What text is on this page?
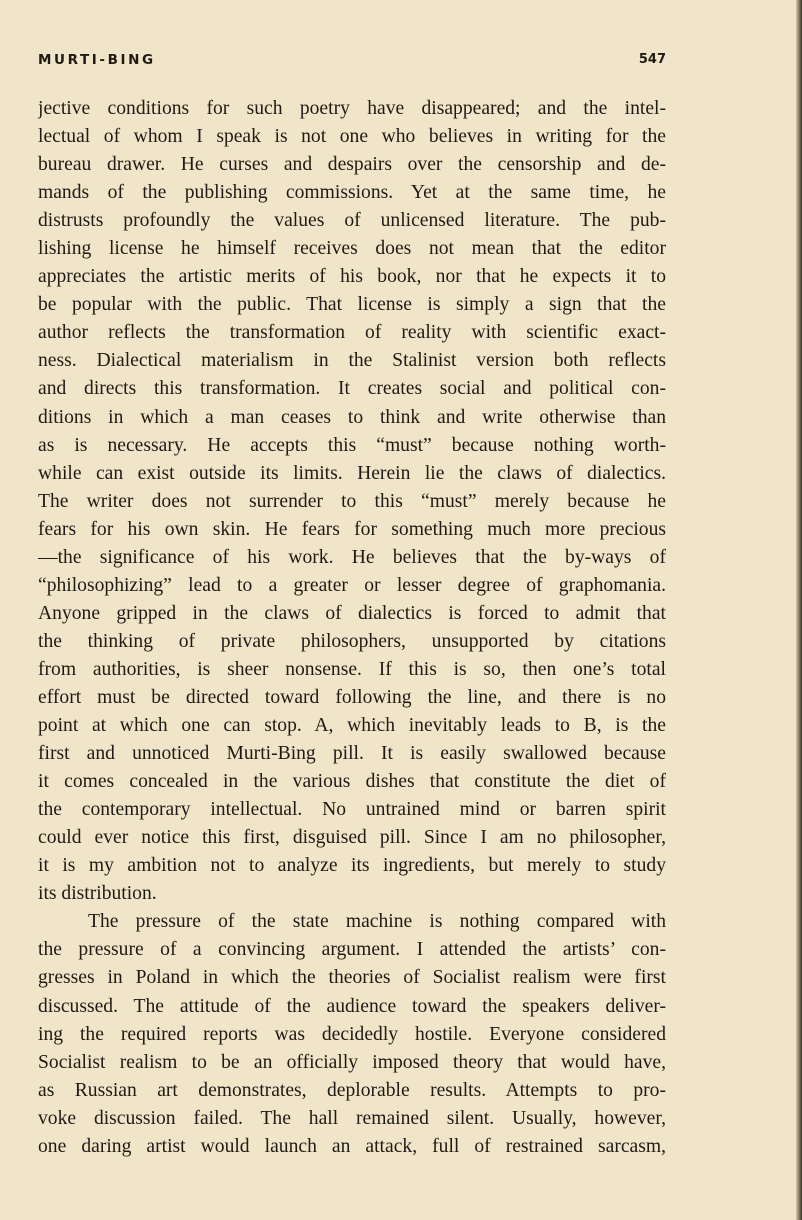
MURTI-BING	547
jective conditions for such poetry have disappeared; and the intel-
lectual of whom I speak is not one who believes in writing for the
bureau drawer. He curses and despairs over the censorship and de-
mands of the publishing commissions. Yet at the same time, he
distrusts profoundly the values of unlicensed literature. The pub-
lishing license he himself receives does not mean that the editor
appreciates the artistic merits of his book, nor that he expects it to
be popular with the public. That license is simply a sign that the
author reflects the transformation of reality with scientific exact-
ness. Dialectical materialism in the Stalinist version both reflects
and directs this transformation. It creates social and political con-
ditions in which a man ceases to think and write otherwise than
as is necessary. He accepts this “must” because nothing worth-
while can exist outside its limits. Herein lie the claws of dialectics.
The writer does not surrender to this “must” merely because he
fears for his own skin. He fears for something much more precious
—the significance of his work. He believes that the by-ways of
“philosophizing” lead to a greater or lesser degree of graphomania.
Anyone gripped in the claws of dialectics is forced to admit that
the thinking of private philosophers, unsupported by citations
from authorities, is sheer nonsense. If this is so, then one’s total
effort must be directed toward following the line, and there is no
point at which one can stop. A, which inevitably leads to B, is the
first and unnoticed Murti-Bing pill. It is easily swallowed because
it comes concealed in the various dishes that constitute the diet of
the contemporary intellectual. No untrained mind or barren spirit
could ever notice this first, disguised pill. Since I am no philosopher,
it is my ambition not to analyze its ingredients, but merely to study
its distribution.
The pressure of the state machine is nothing compared with
the pressure of a convincing argument. I attended the artists’ con-
gresses in Poland in which the theories of Socialist realism were first
discussed. The attitude of the audience toward the speakers deliver-
ing the required reports was decidedly hostile. Everyone considered
Socialist realism to be an officially imposed theory that would have,
as Russian art demonstrates, deplorable results. Attempts to pro-
voke discussion failed. The hall remained silent. Usually, however,
one daring artist would launch an attack, full of restrained sarcasm,
